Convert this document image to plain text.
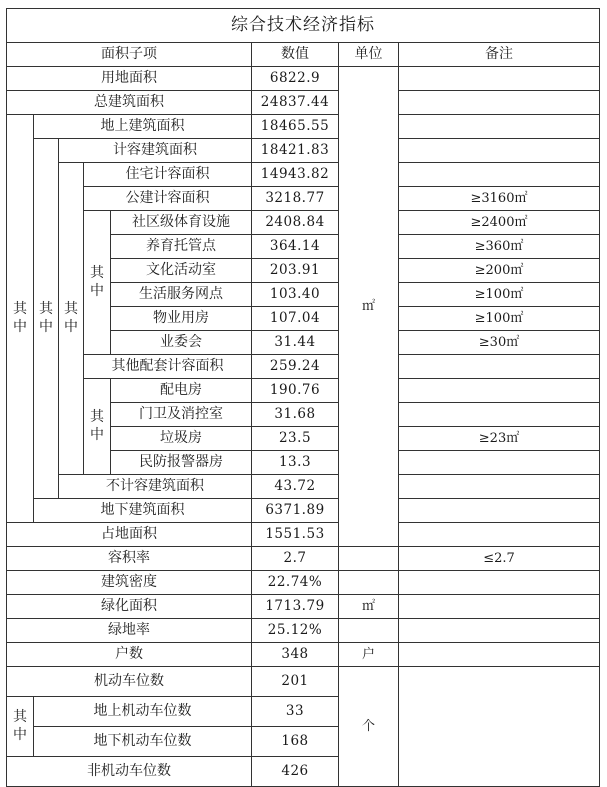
综合技术经济指标							
面积子项					数值	单位	备注
用地面积					6822.9	㎡	
总建筑面积					24837.44		
其中	地上建筑面积				18465.55		
	其中	计容建筑面积			18421.83		
		其中	住宅计容面积		14943.82		
			公建计容面积		3218.77		≥3160㎡
			其中	社区级体育设施	2408.84		≥2400㎡
				养育托管点	364.14		≥360㎡
				文化活动室	203.91		≥200㎡
				生活服务网点	103.40		≥100㎡
				物业用房	107.04		≥100㎡
				业委会	31.44		≥30㎡
			其他配套计容面积		259.24		
			其中	配电房	190.76		
				门卫及消控室	31.68		
				垃圾房	23.5		≥23㎡
				民防报警器房	13.3		
		不计容建筑面积			43.72		
	地下建筑面积				6371.89		
占地面积					1551.53		
容积率					2.7		≤2.7
建筑密度					22.74%		
绿化面积					1713.79	㎡	
绿地率					25.12%		
户数					348	户	
机动车位数					201	个	
其中	地上机动车位数				33		
	地下机动车位数				168		
非机动车位数					426		
